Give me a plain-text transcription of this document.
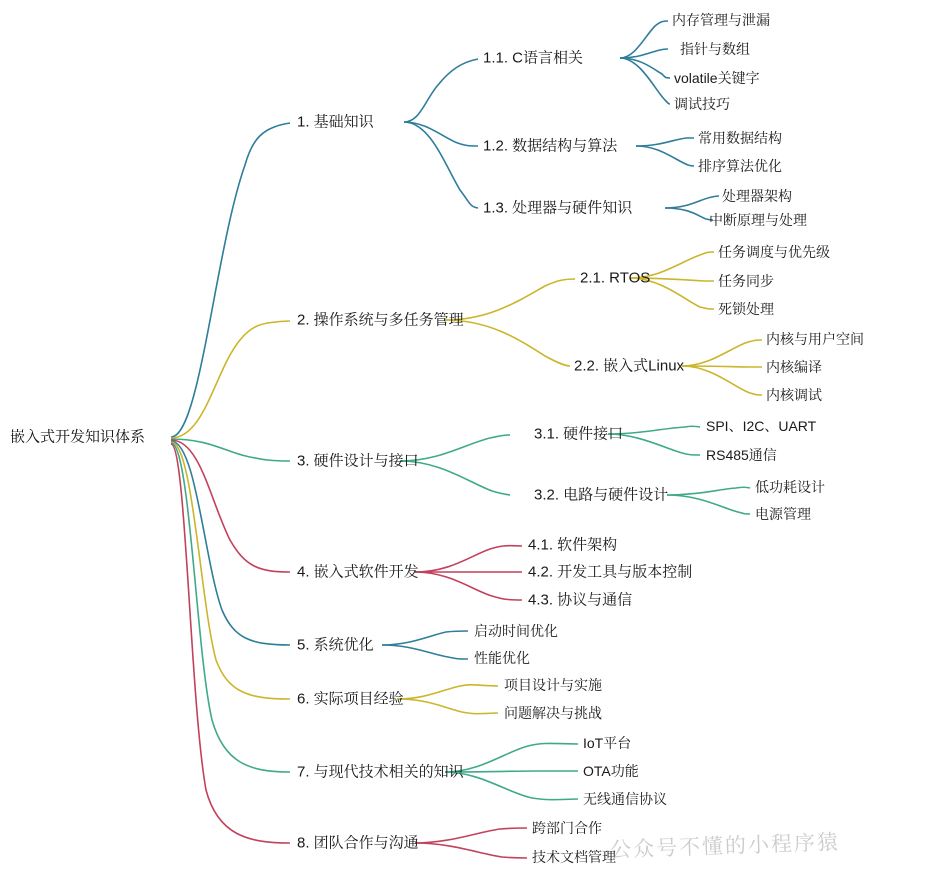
嵌入式开发知识体系
1. 基础知识
1.1. C语言相关
内存管理与泄漏
指针与数组
volatile关键字
调试技巧
1.2. 数据结构与算法	常用数据结构
排序算法优化
1.3. 处理器与硬件知识
处理器架构
中断原理与处理
2. 操作系统与多任务管理
2.1. RTOS
任务调度与优先级
任务同步
死锁处理
2.2. 嵌入式Linux
内核与用户空间
内核编译
内核调试
3. 硬件设计与接口
3.1. 硬件接口	SPI、I2C、UART
RS485通信
3.2. 电路与硬件设计	低功耗设计
电源管理
4. 嵌入式软件开发
4.1. 软件架构
4.2. 开发工具与版本控制
4.3. 协议与通信
5. 系统优化
启动时间优化
性能优化
6. 实际项目经验
项目设计与实施
问题解决与挑战
7. 与现代技术相关的知识
IoT平台
OTA功能
无线通信协议
8. 团队合作与沟通
跨部门合作
技术文档管理
公众号不懂的小程序猿
